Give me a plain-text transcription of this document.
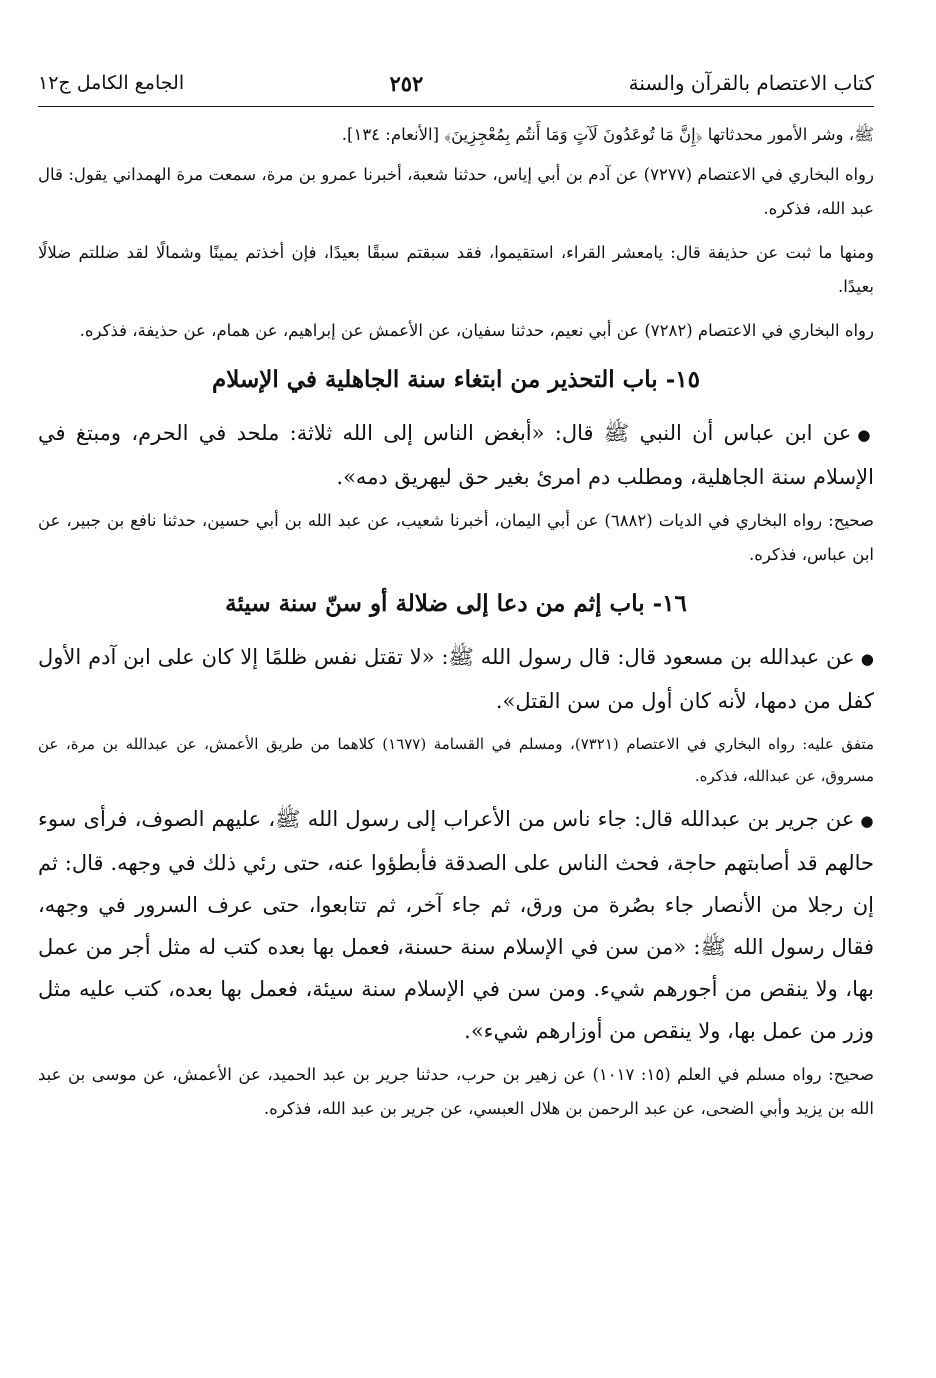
كتاب الاعتصام بالقرآن والسنة
٢٥٢
الجامع الكامل ج١٢

ﷺ، وشر الأمور محدثاتها ﴿إِنَّ مَا تُوعَدُونَ لَآتٍ وَمَا أَنتُم بِمُعْجِزِينَ﴾ [الأنعام: ١٣٤].

رواه البخاري في الاعتصام (٧٢٧٧) عن آدم بن أبي إياس، حدثنا شعبة، أخبرنا عمرو بن مرة، سمعت مرة الهمداني يقول: قال عبد الله، فذكره.

ومنها ما ثبت عن حذيفة قال: يامعشر القراء، استقيموا، فقد سبقتم سبقًا بعيدًا، فإن أخذتم يمينًا وشمالًا لقد ضللتم ضلالًا بعيدًا.

رواه البخاري في الاعتصام (٧٢٨٢) عن أبي نعيم، حدثنا سفيان، عن الأعمش عن إبراهيم، عن همام، عن حذيفة، فذكره.

١٥- باب التحذير من ابتغاء سنة الجاهلية في الإسلام

●عن ابن عباس أن النبي ﷺ قال: «أبغض الناس إلى الله ثلاثة: ملحد في الحرم، ومبتغ في الإسلام سنة الجاهلية، ومطلب دم امرئ بغير حق ليهريق دمه».

صحيح: رواه البخاري في الديات (٦٨٨٢) عن أبي اليمان، أخبرنا شعيب، عن عبد الله بن أبي حسين، حدثنا نافع بن جبير، عن ابن عباس، فذكره.

١٦- باب إثم من دعا إلى ضلالة أو سنّ سنة سيئة

●عن عبدالله بن مسعود قال: قال رسول الله ﷺ: «لا تقتل نفس ظلمًا إلا كان على ابن آدم الأول كفل من دمها، لأنه كان أول من سن القتل».

متفق عليه: رواه البخاري في الاعتصام (٧٣٢١)، ومسلم في القسامة (١٦٧٧) كلاهما من طريق الأعمش، عن عبدالله بن مرة، عن مسروق، عن عبدالله، فذكره.

●عن جرير بن عبدالله قال: جاء ناس من الأعراب إلى رسول الله ﷺ، عليهم الصوف، فرأى سوء حالهم قد أصابتهم حاجة، فحث الناس على الصدقة فأبطؤوا عنه، حتى رئي ذلك في وجهه. قال: ثم إن رجلا من الأنصار جاء بصُرة من ورق، ثم جاء آخر، ثم تتابعوا، حتى عرف السرور في وجهه، فقال رسول الله ﷺ: «من سن في الإسلام سنة حسنة، فعمل بها بعده كتب له مثل أجر من عمل بها، ولا ينقص من أجورهم شيء. ومن سن في الإسلام سنة سيئة، فعمل بها بعده، كتب عليه مثل وزر من عمل بها، ولا ينقص من أوزارهم شيء».

صحيح: رواه مسلم في العلم (١٥: ١٠١٧) عن زهير بن حرب، حدثنا جرير بن عبد الحميد، عن الأعمش، عن موسى بن عبد الله بن يزيد وأبي الضحى، عن عبد الرحمن بن هلال العبسي، عن جرير بن عبد الله، فذكره.
